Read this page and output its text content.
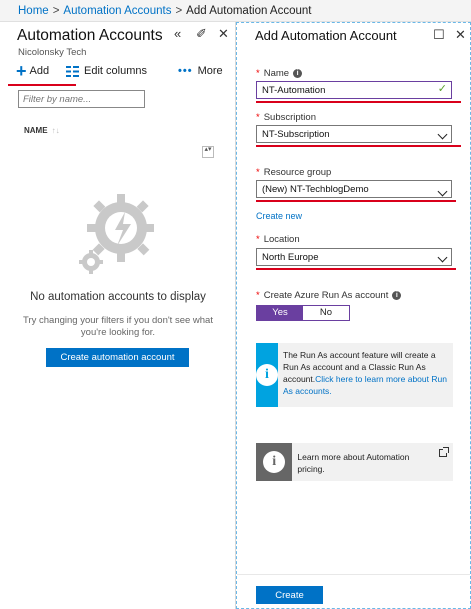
Home > Automation Accounts > Add Automation Account
Automation Accounts
Nicolonsky Tech
« ✐ ✕
+ Add	Edit columns	••• More
Filter by name...
NAME ↑↓
▴▾
No automation accounts to display
Try changing your filters if you don't see what you're looking for.
Create automation account
Add Automation Account	☐ ✕
* Name i
NT-Automation	✓
* Subscription
NT-Subscription
* Resource group
(New) NT-TechblogDemo
Create new
* Location
North Europe
* Create Azure Run As account i
Yes	No
i
The Run As account feature will create a Run As account and a Classic Run As account.Click here to learn more about Run As accounts.
i	Learn more about Automation pricing.
Create
